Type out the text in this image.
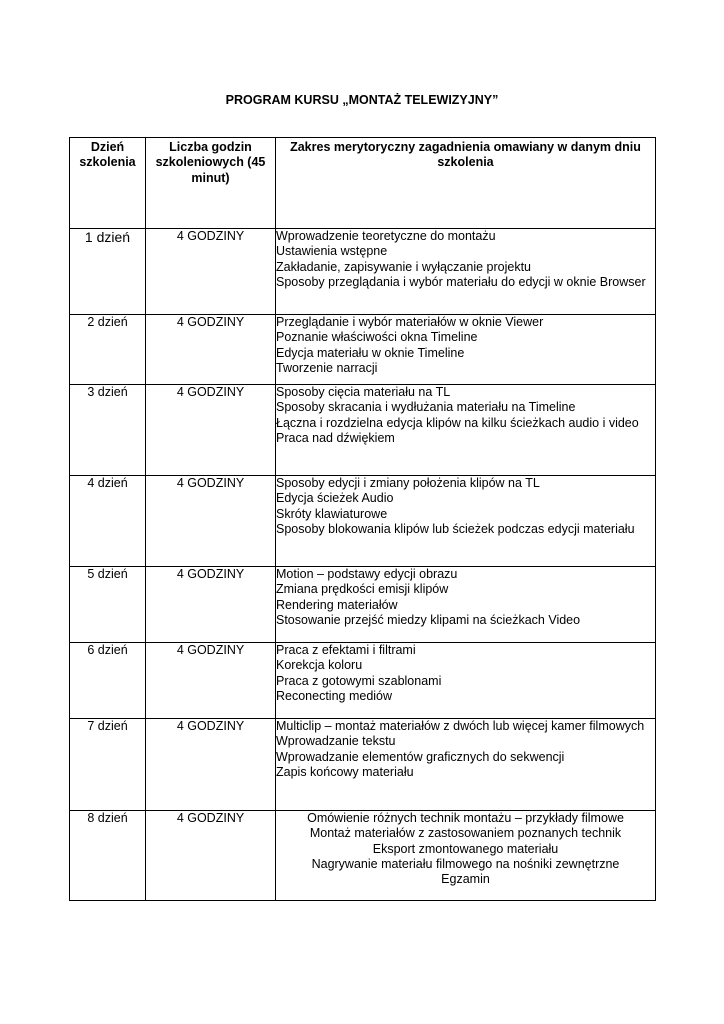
PROGRAM KURSU „MONTAŻ TELEWIZYJNY”
Dzień szkolenia	Liczba godzin szkoleniowych (45 minut)	Zakres merytoryczny zagadnienia omawiany w danym dniu szkolenia
1 dzień	4 GODZINY	Wprowadzenie teoretyczne do montażu
Ustawienia wstępne
Zakładanie, zapisywanie i wyłączanie projektu
Sposoby przeglądania i wybór materiału do edycji w oknie Browser

2 dzień	4 GODZINY	Przeglądanie i wybór materiałów w oknie Viewer
Poznanie właściwości okna Timeline
Edycja materiału w oknie Timeline
Tworzenie narracji

3 dzień	4 GODZINY	Sposoby cięcia materiału na TL
Sposoby skracania i wydłużania materiału na Timeline
Łączna i rozdzielna edycja klipów na kilku ścieżkach audio i video
Praca nad dźwiękiem

4 dzień	4 GODZINY	Sposoby edycji i zmiany położenia klipów na TL
Edycja ścieżek Audio
Skróty klawiaturowe
Sposoby blokowania klipów lub ścieżek podczas edycji materiału

5 dzień	4 GODZINY	Motion – podstawy edycji obrazu
Zmiana prędkości emisji klipów
Rendering materiałów
Stosowanie przejść miedzy klipami na ścieżkach Video

6 dzień	4 GODZINY	Praca z efektami i filtrami
Korekcja koloru
Praca z gotowymi szablonami
Reconecting mediów

7 dzień	4 GODZINY	Multiclip – montaż materiałów z dwóch lub więcej kamer filmowych
Wprowadzanie tekstu
Wprowadzanie elementów graficznych do sekwencji
Zapis końcowy materiału

8 dzień	4 GODZINY	Omówienie różnych technik montażu – przykłady filmowe
Montaż materiałów z zastosowaniem poznanych technik
Eksport zmontowanego materiału
Nagrywanie materiału filmowego na nośniki zewnętrzne
Egzamin
